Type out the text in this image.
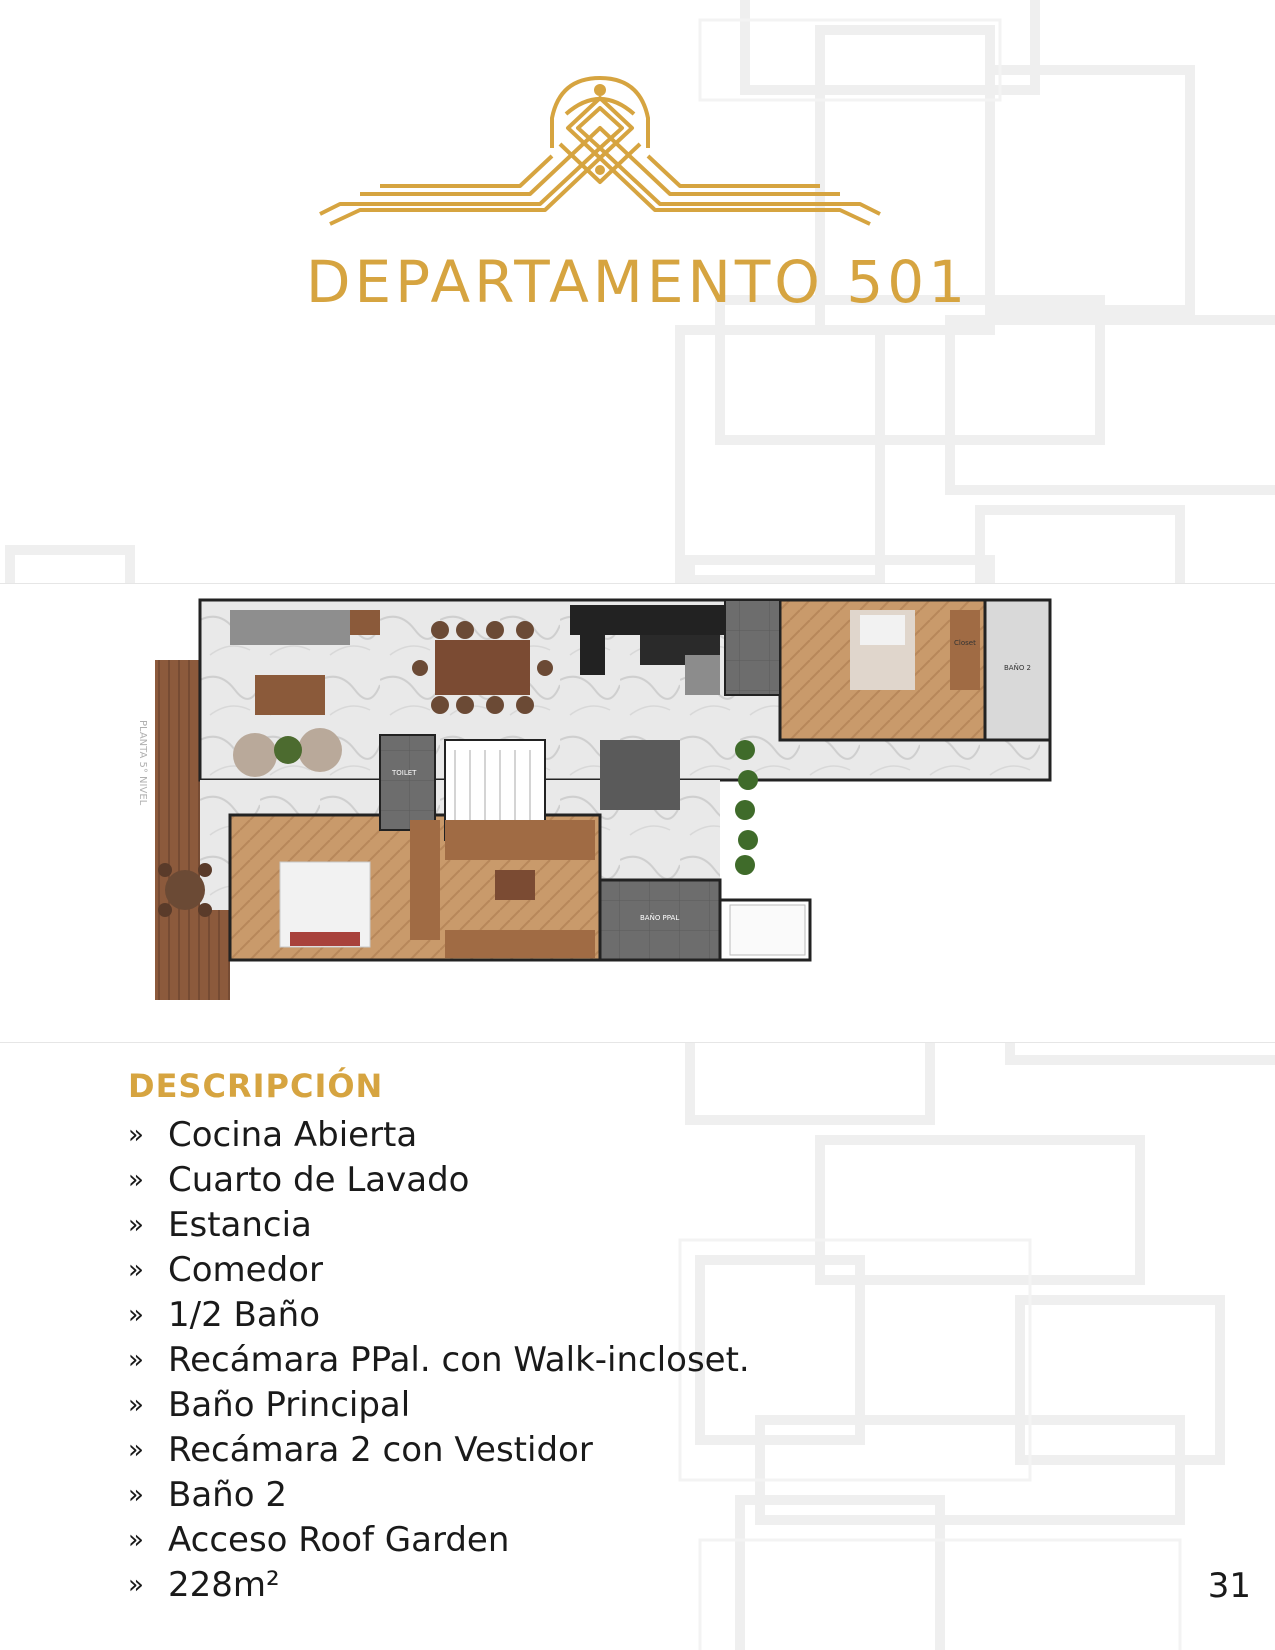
DEPARTAMENTO 501
PLANTA 5° NIVEL
BAÑO 2
TOILET
BAÑO PPAL
Closet
DESCRIPCIÓN
» Cocina Abierta
» Cuarto de Lavado
» Estancia
» Comedor
» 1/2 Baño
» Recámara PPal. con Walk-incloset.
» Baño Principal
» Recámara 2 con Vestidor
» Baño 2
» Acceso Roof Garden
» 228m²	31
